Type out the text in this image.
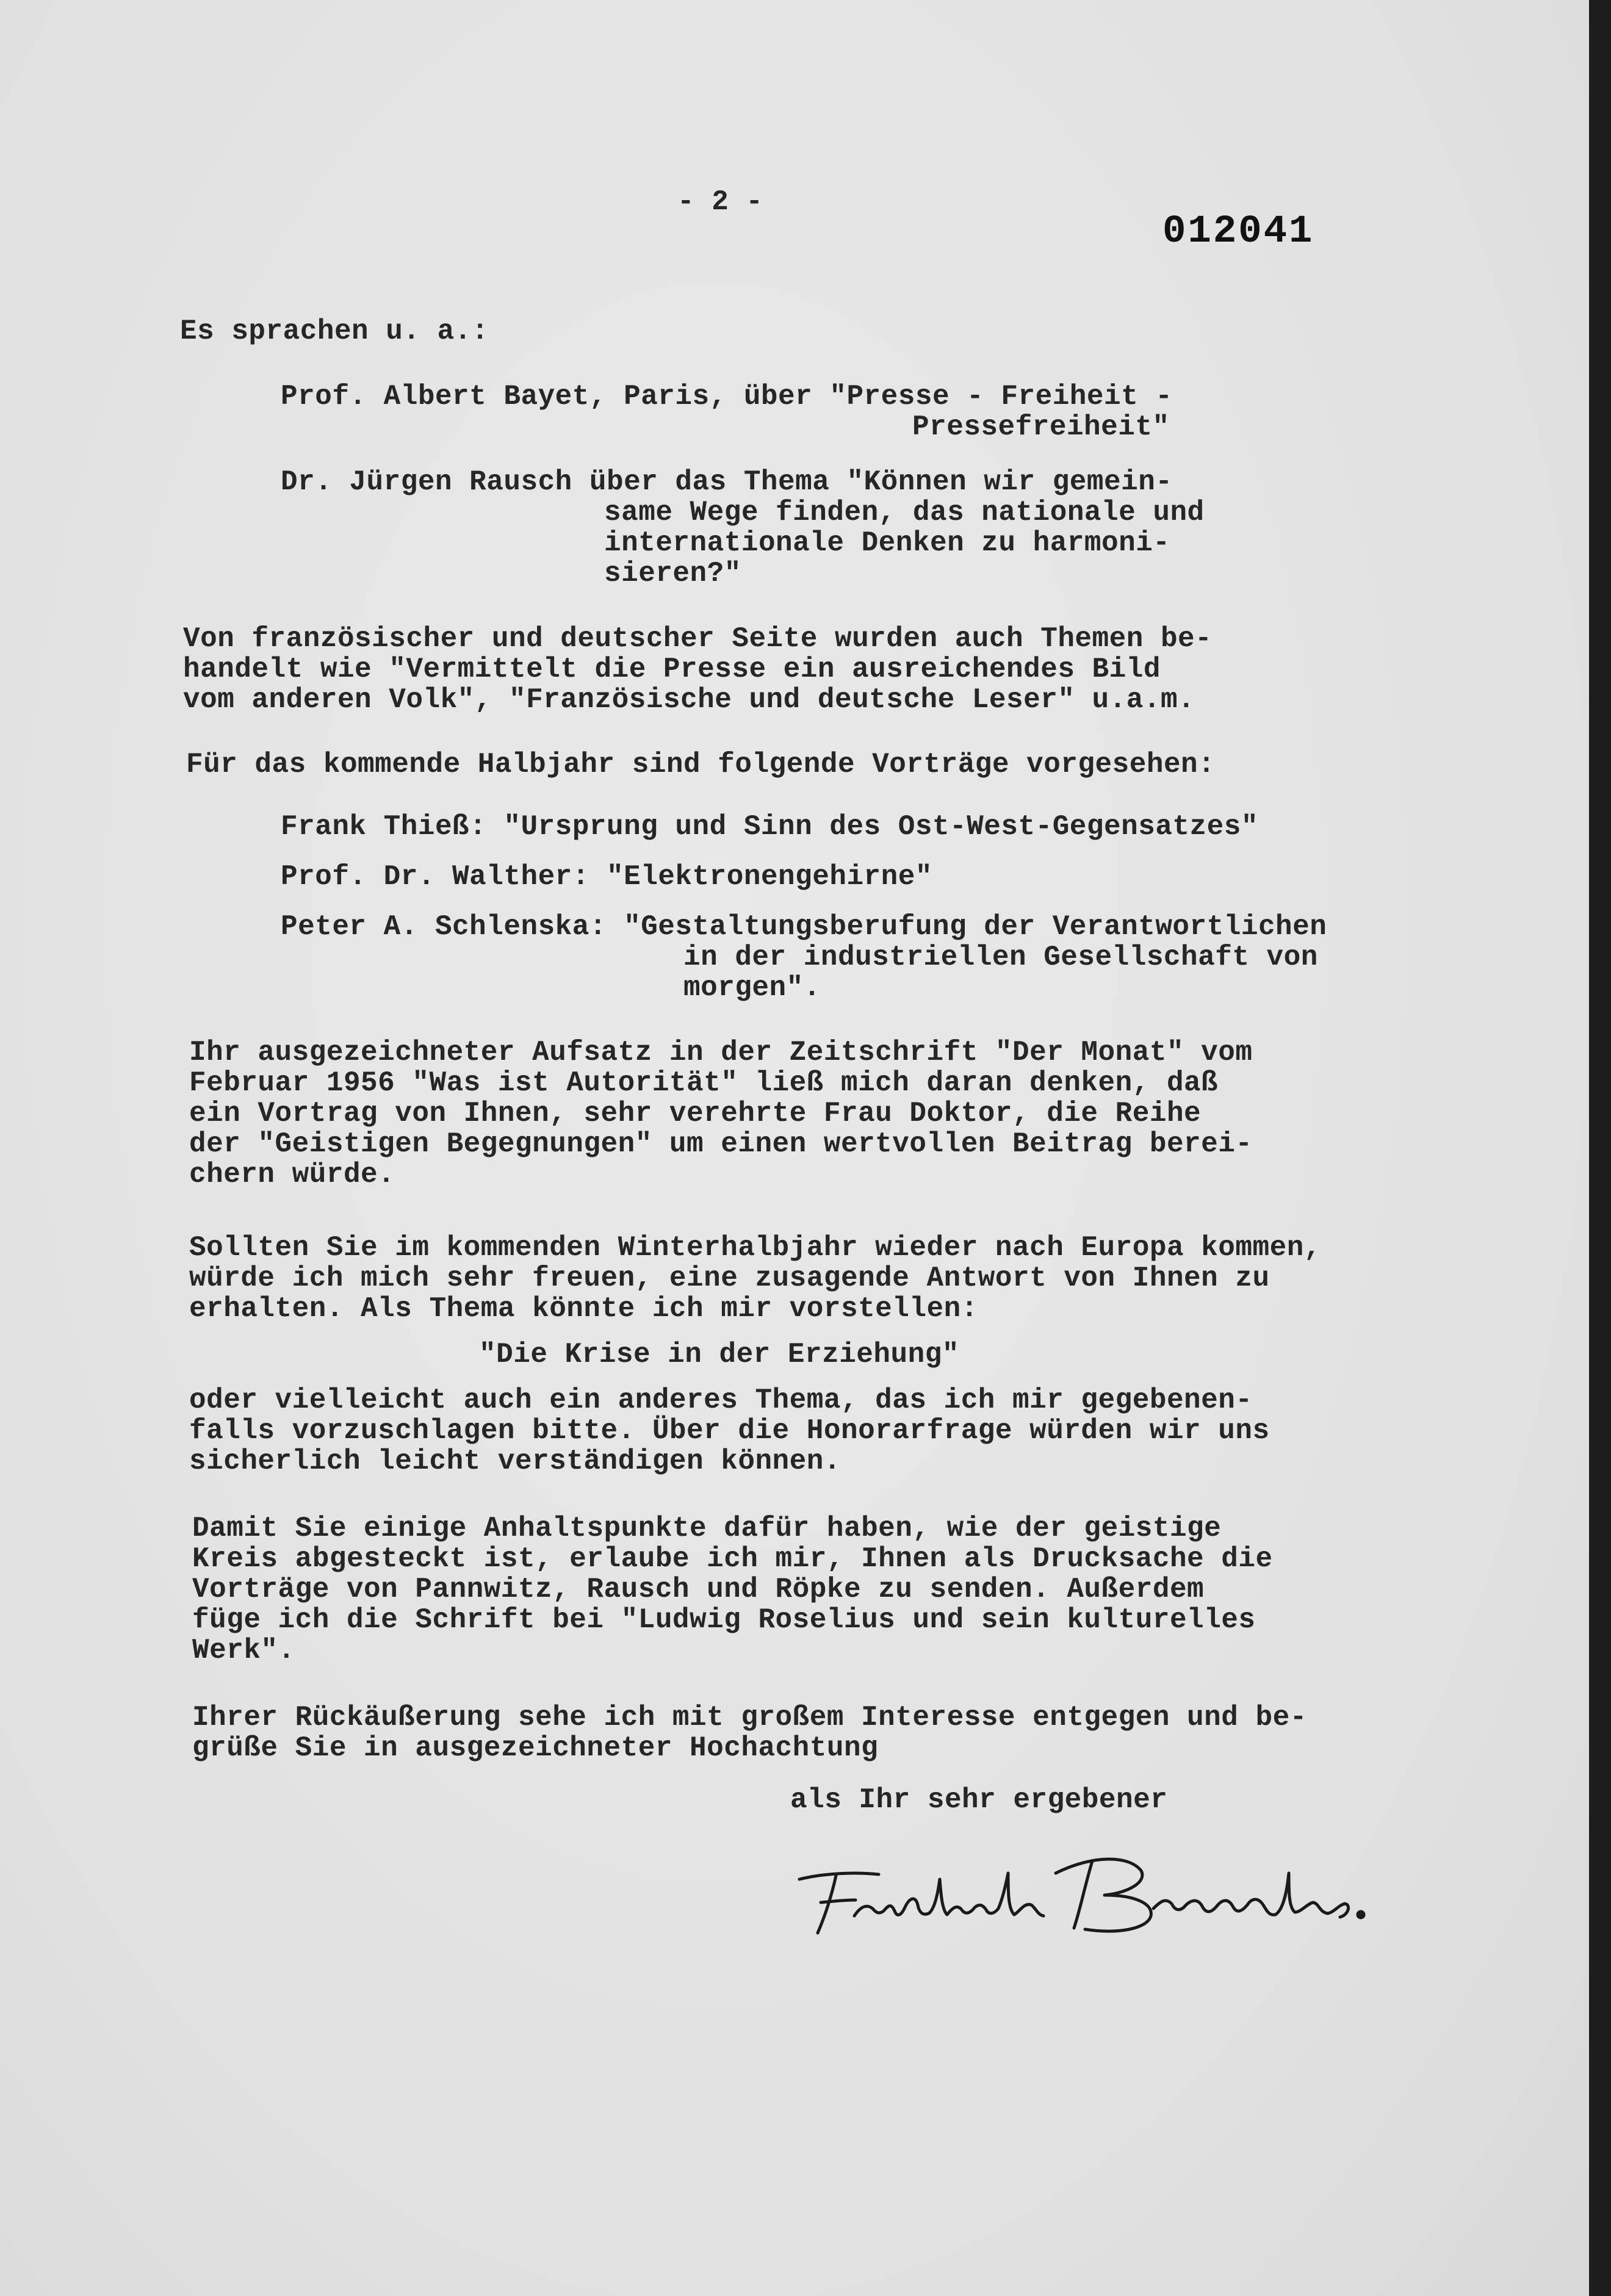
- 2 -
012041
Es sprachen u. a.:
Prof. Albert Bayet, Paris, über "Presse - Freiheit -
Pressefreiheit"
Dr. Jürgen Rausch über das Thema "Können wir gemein-
same Wege finden, das nationale und
internationale Denken zu harmoni-
sieren?"
Von französischer und deutscher Seite wurden auch Themen be-
handelt wie "Vermittelt die Presse ein ausreichendes Bild
vom anderen Volk", "Französische und deutsche Leser" u.a.m.
Für das kommende Halbjahr sind folgende Vorträge vorgesehen:
Frank Thieß: "Ursprung und Sinn des Ost-West-Gegensatzes"
Prof. Dr. Walther: "Elektronengehirne"
Peter A. Schlenska: "Gestaltungsberufung der Verantwortlichen
in der industriellen Gesellschaft von
morgen".
Ihr ausgezeichneter Aufsatz in der Zeitschrift "Der Monat" vom
Februar 1956 "Was ist Autorität" ließ mich daran denken, daß
ein Vortrag von Ihnen, sehr verehrte Frau Doktor, die Reihe
der "Geistigen Begegnungen" um einen wertvollen Beitrag berei-
chern würde.
Sollten Sie im kommenden Winterhalbjahr wieder nach Europa kommen,
würde ich mich sehr freuen, eine zusagende Antwort von Ihnen zu
erhalten. Als Thema könnte ich mir vorstellen:
"Die Krise in der Erziehung"
oder vielleicht auch ein anderes Thema, das ich mir gegebenen-
falls vorzuschlagen bitte. Über die Honorarfrage würden wir uns
sicherlich leicht verständigen können.
Damit Sie einige Anhaltspunkte dafür haben, wie der geistige
Kreis abgesteckt ist, erlaube ich mir, Ihnen als Drucksache die
Vorträge von Pannwitz, Rausch und Röpke zu senden. Außerdem
füge ich die Schrift bei "Ludwig Roselius und sein kulturelles
Werk".
Ihrer Rückäußerung sehe ich mit großem Interesse entgegen und be-
grüße Sie in ausgezeichneter Hochachtung
als Ihr sehr ergebener
